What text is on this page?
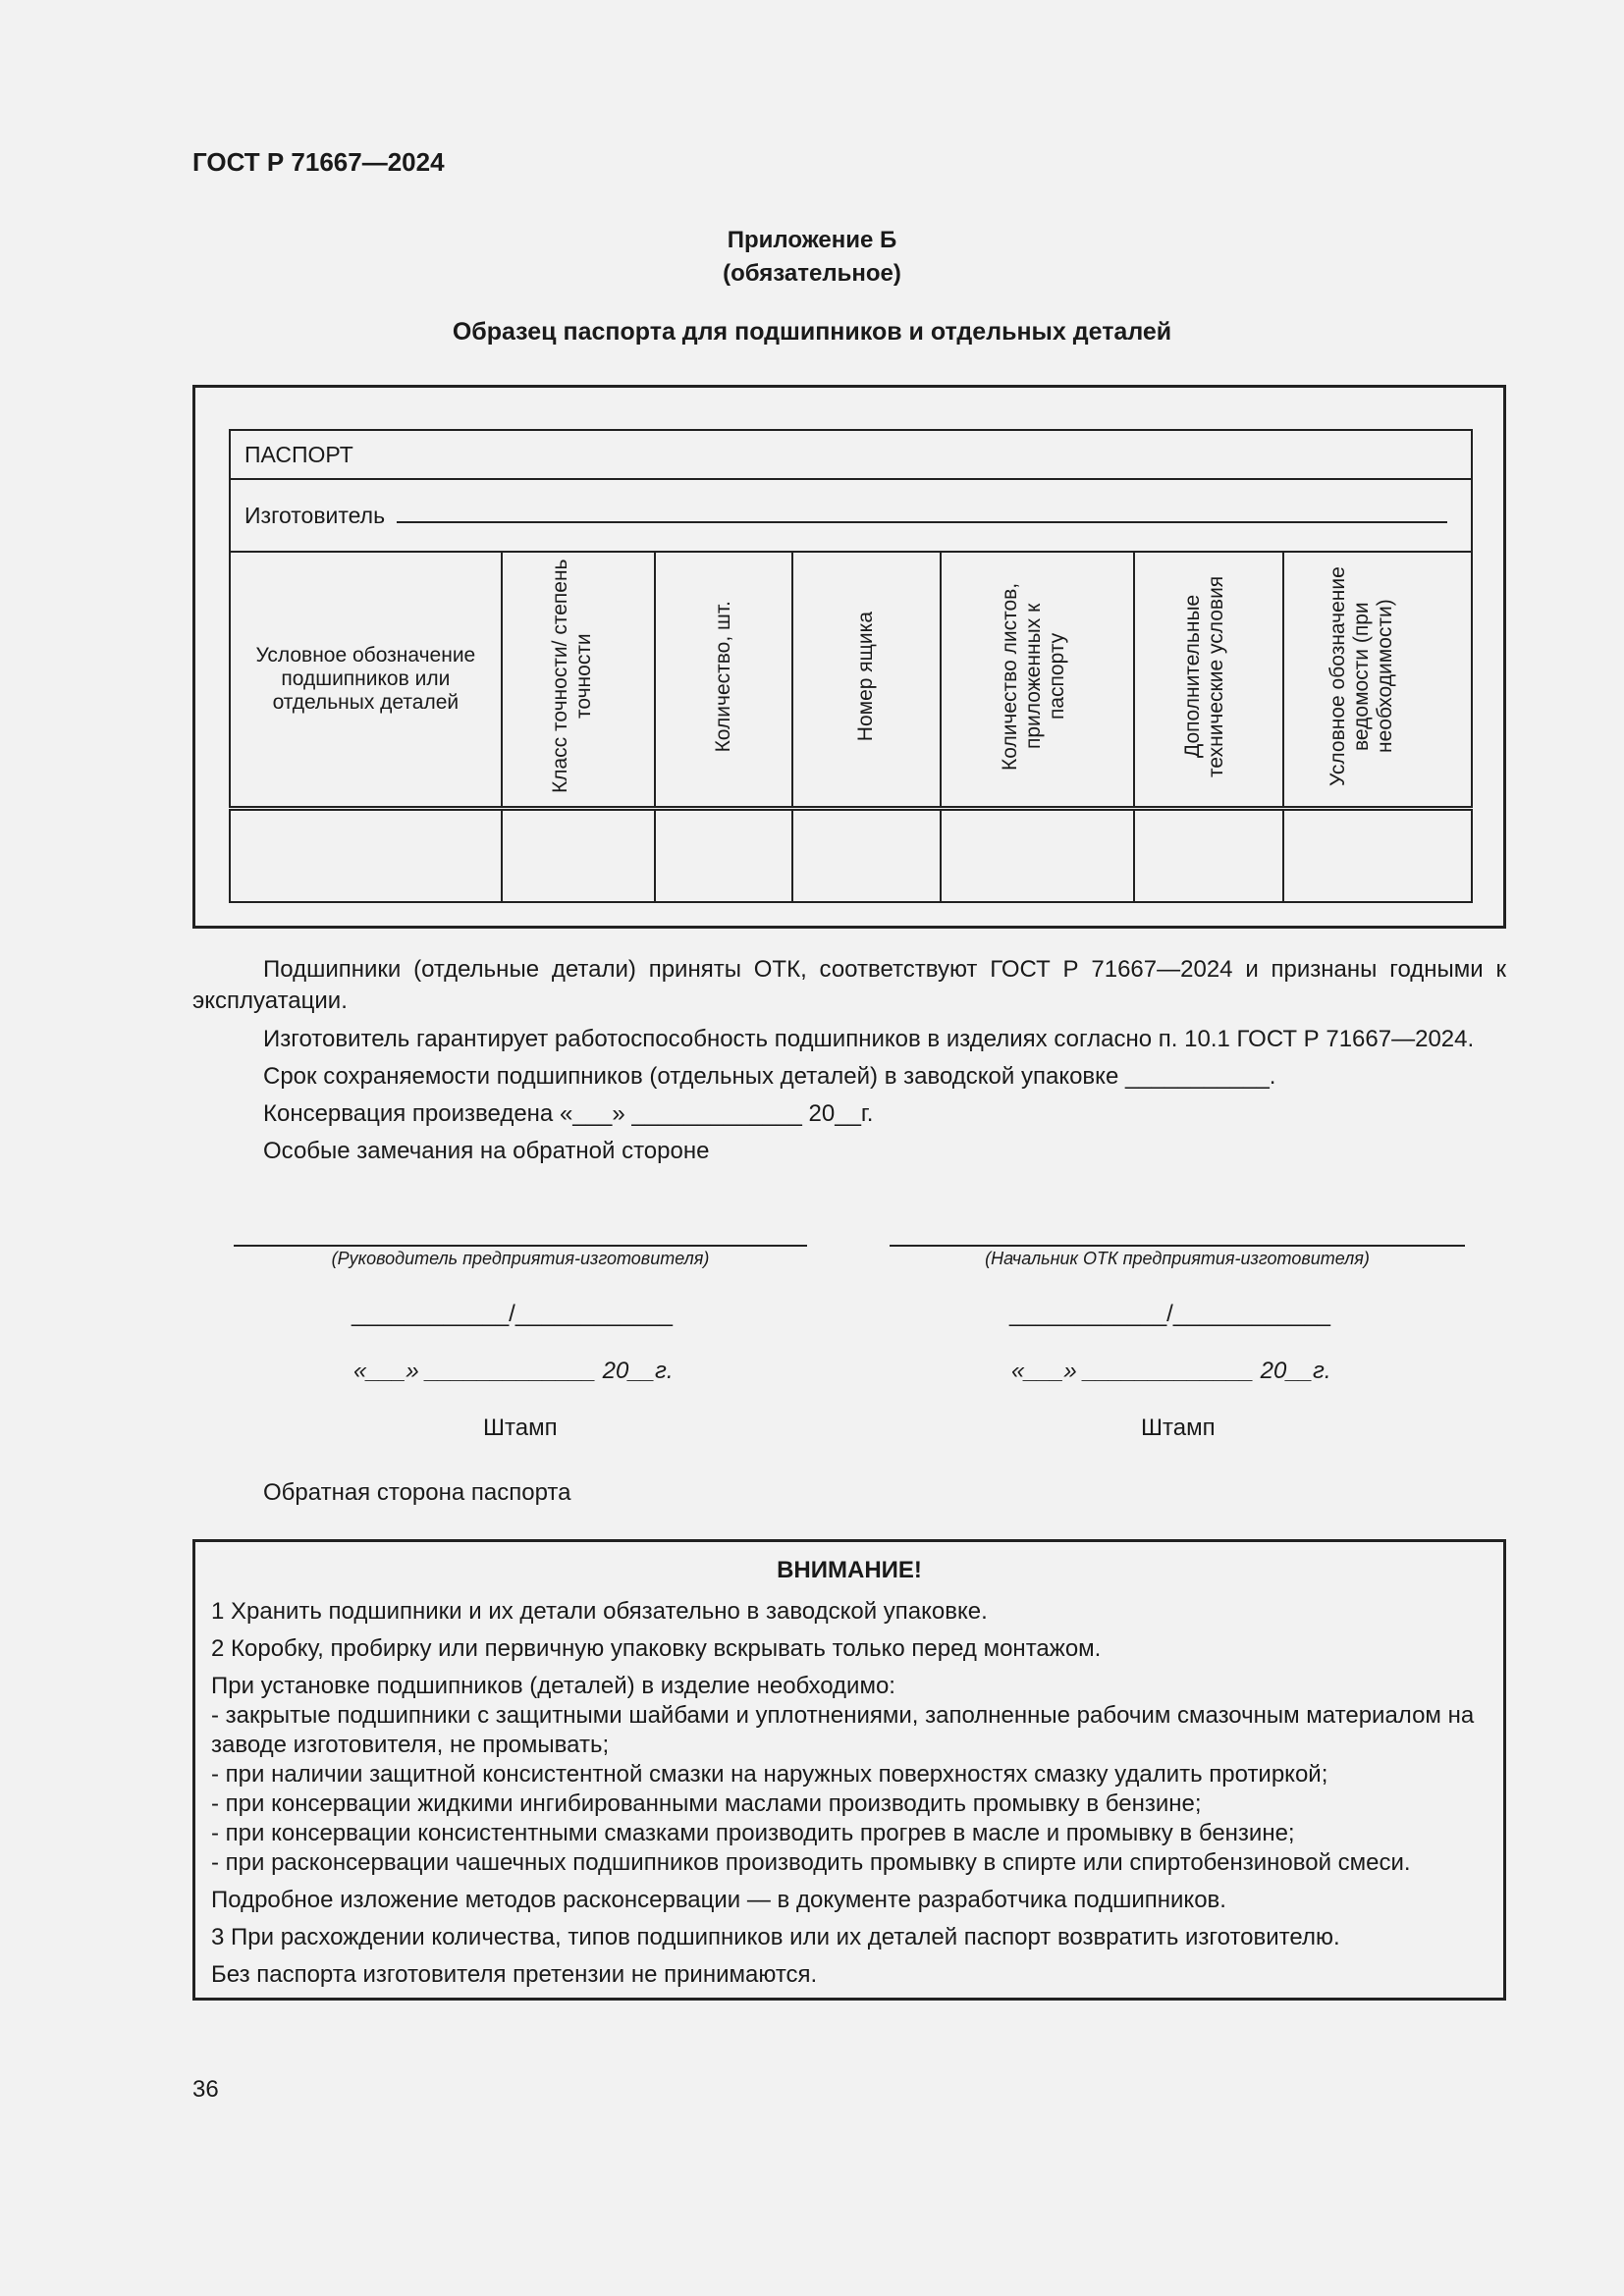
ГОСТ Р 71667—2024
Приложение Б
(обязательное)
Образец паспорта для подшипников и отдельных деталей
ПАСПОРТ						
Изготовитель						
Условное обозначение подшипников или отдельных деталей	Класс точности/ степень точности	Количество, шт.	Номер ящика	Количество листов, приложенных к паспорту	Дополнительные технические условия	Условное обозначение ведомости (при необходимости)

Подшипники (отдельные детали) приняты ОТК, соответствуют ГОСТ Р 71667—2024 и признаны годными к эксплуатации.
Изготовитель гарантирует работоспособность подшипников в изделиях согласно п. 10.1 ГОСТ Р 71667—2024.
Срок сохраняемости подшипников (отдельных деталей) в заводской упаковке ___________.
Консервация произведена «___» _____________ 20__г.
Особые замечания на обратной стороне
(Руководитель предприятия-изготовителя)
____________/____________
«___» _____________ 20__г.
Штамп
(Начальник ОТК предприятия-изготовителя)
____________/____________
«___» _____________ 20__г.
Штамп
Обратная сторона паспорта

ВНИМАНИЕ!

1 Хранить подшипники и их детали обязательно в заводской упаковке.

2 Коробку, пробирку или первичную упаковку вскрывать только перед монтажом.

При установке подшипников (деталей) в изделие необходимо:

- закрытые подшипники с защитными шайбами и уплотнениями, заполненные рабочим смазочным материалом на заводе изготовителя, не промывать;

- при наличии защитной консистентной смазки на наружных поверхностях смазку удалить протиркой;

- при консервации жидкими ингибированными маслами производить промывку в бензине;

- при консервации консистентными смазками производить прогрев в масле и промывку в бензине;

- при расконсервации чашечных подшипников производить промывку в спирте или спиртобензиновой смеси.

Подробное изложение методов расконсервации — в документе разработчика подшипников.

3 При расхождении количества, типов подшипников или их деталей паспорт возвратить изготовителю.

Без паспорта изготовителя претензии не принимаются.

36
